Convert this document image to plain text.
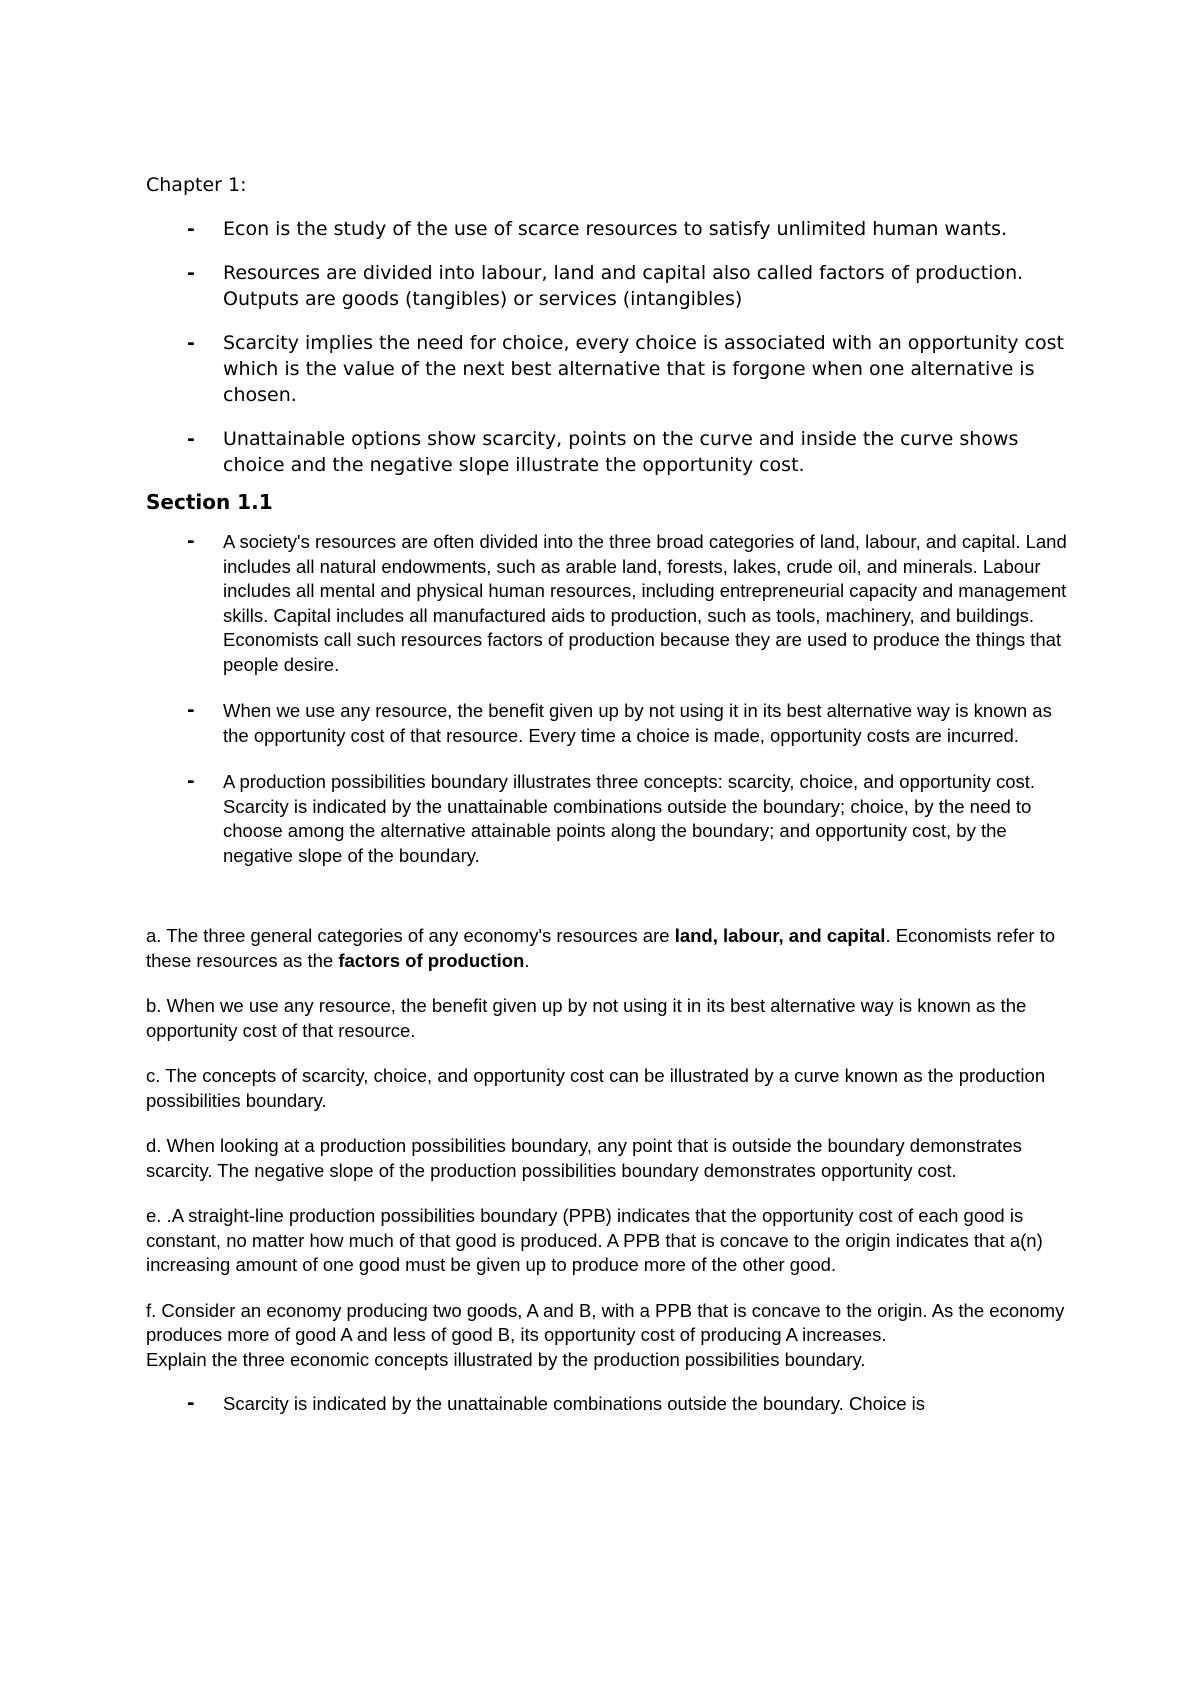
Chapter 1:
- Econ is the study of the use of scarce resources to satisfy unlimited human wants.
- Resources are divided into labour, land and capital also called factors of production. Outputs are goods (tangibles) or services (intangibles)
- Scarcity implies the need for choice, every choice is associated with an opportunity cost which is the value of the next best alternative that is forgone when one alternative is chosen.
- Unattainable options show scarcity, points on the curve and inside the curve shows choice and the negative slope illustrate the opportunity cost.
Section 1.1
- A society's resources are often divided into the three broad categories of land, labour, and capital. Land includes all natural endowments, such as arable land, forests, lakes, crude oil, and minerals. Labour includes all mental and physical human resources, including entrepreneurial capacity and management skills. Capital includes all manufactured aids to production, such as tools, machinery, and buildings. Economists call such resources factors of production because they are used to produce the things that people desire.
- When we use any resource, the benefit given up by not using it in its best alternative way is known as the opportunity cost of that resource. Every time a choice is made, opportunity costs are incurred.
- A production possibilities boundary illustrates three concepts: scarcity, choice, and opportunity cost. Scarcity is indicated by the unattainable combinations outside the boundary; choice, by the need to choose among the alternative attainable points along the boundary; and opportunity cost, by the negative slope of the boundary.

a. The three general categories of any economy's resources are land, labour, and capital. Economists refer to these resources as the factors of production.

b. When we use any resource, the benefit given up by not using it in its best alternative way is known as the opportunity cost of that resource.

c. The concepts of scarcity, choice, and opportunity cost can be illustrated by a curve known as the production possibilities boundary.

d. When looking at a production possibilities boundary, any point that is outside the boundary demonstrates scarcity. The negative slope of the production possibilities boundary demonstrates opportunity cost.

e. .A straight-line production possibilities boundary (PPB) indicates that the opportunity cost of each good is constant, no matter how much of that good is produced. A PPB that is concave to the origin indicates that a(n) increasing amount of one good must be given up to produce more of the other good.

f. Consider an economy producing two goods, A and B, with a PPB that is concave to the origin. As the economy produces more of good A and less of good B, its opportunity cost of producing A increases.

Explain the three economic concepts illustrated by the production possibilities boundary.

- Scarcity is indicated by the unattainable combinations outside the boundary. Choice is
